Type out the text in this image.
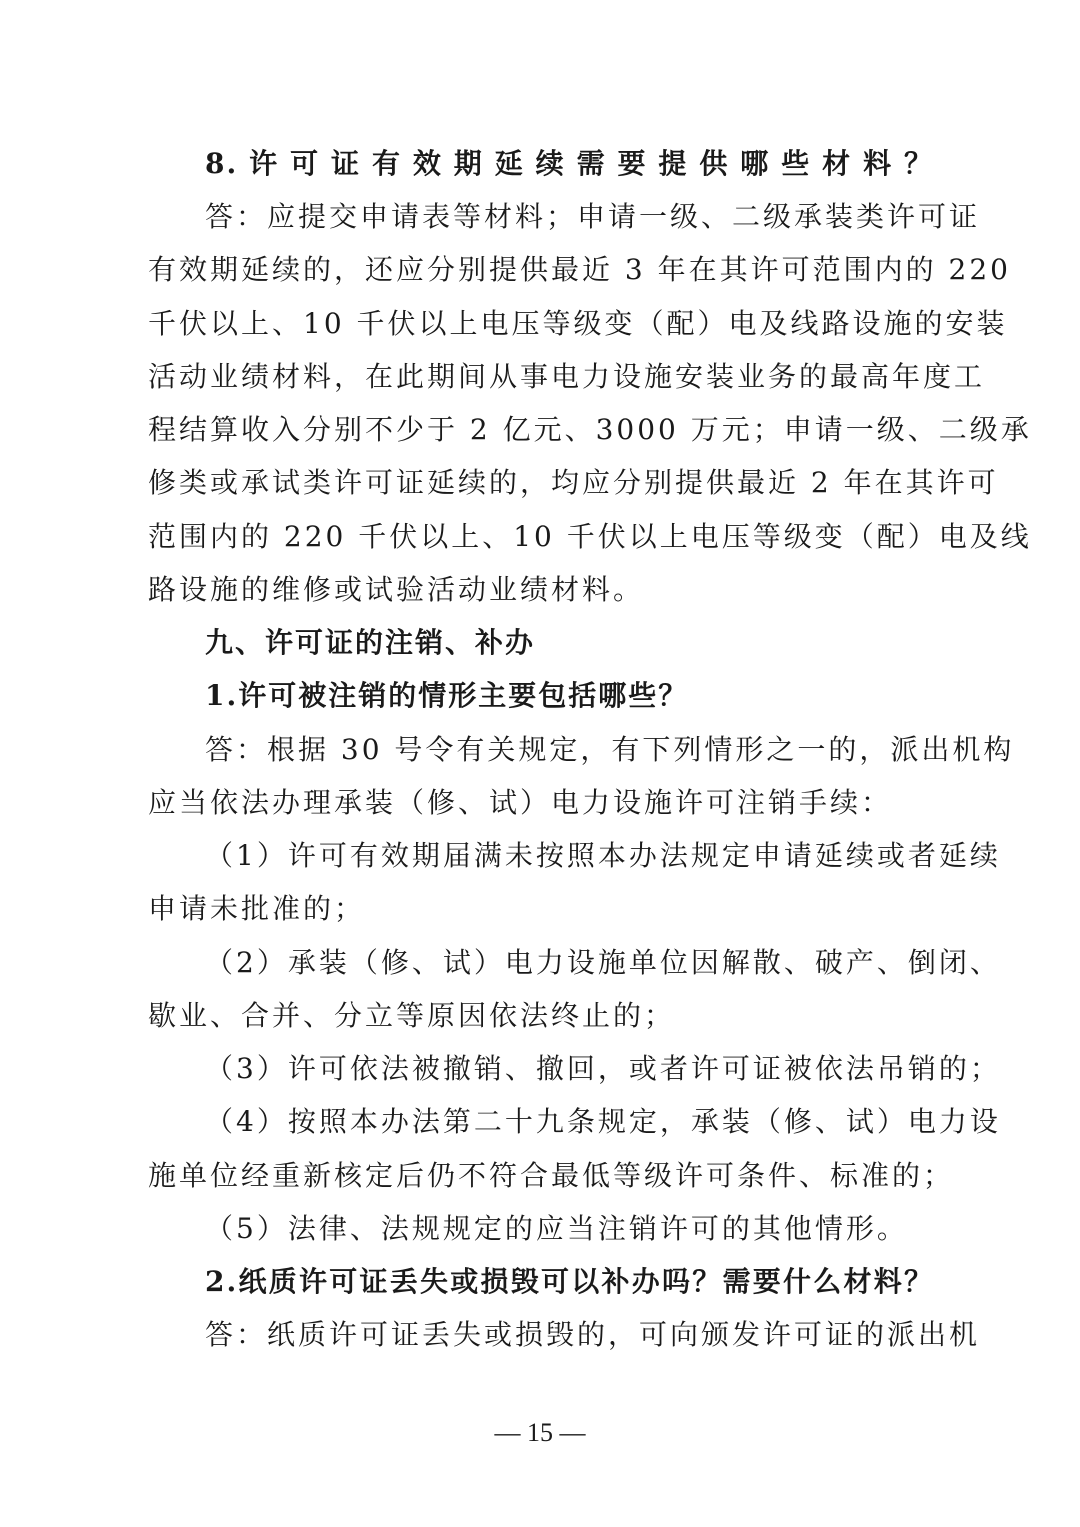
8.许可证有效期延续需要提供哪些材料？
答：应提交申请表等材料；申请一级、二级承装类许可证
有效期延续的，还应分别提供最近 3 年在其许可范围内的 220
千伏以上、10 千伏以上电压等级变（配）电及线路设施的安装
活动业绩材料，在此期间从事电力设施安装业务的最高年度工
程结算收入分别不少于 2 亿元、3000 万元；申请一级、二级承
修类或承试类许可证延续的，均应分别提供最近 2 年在其许可
范围内的 220 千伏以上、10 千伏以上电压等级变（配）电及线
路设施的维修或试验活动业绩材料。
九、许可证的注销、补办
1.许可被注销的情形主要包括哪些？
答：根据 30 号令有关规定，有下列情形之一的，派出机构
应当依法办理承装（修、试）电力设施许可注销手续：
（1）许可有效期届满未按照本办法规定申请延续或者延续
申请未批准的；
（2）承装（修、试）电力设施单位因解散、破产、倒闭、
歇业、合并、分立等原因依法终止的；
（3）许可依法被撤销、撤回，或者许可证被依法吊销的；
（4）按照本办法第二十九条规定，承装（修、试）电力设
施单位经重新核定后仍不符合最低等级许可条件、标准的；
（5）法律、法规规定的应当注销许可的其他情形。
2.纸质许可证丢失或损毁可以补办吗？需要什么材料？
答：纸质许可证丢失或损毁的，可向颁发许可证的派出机
— 15 —
